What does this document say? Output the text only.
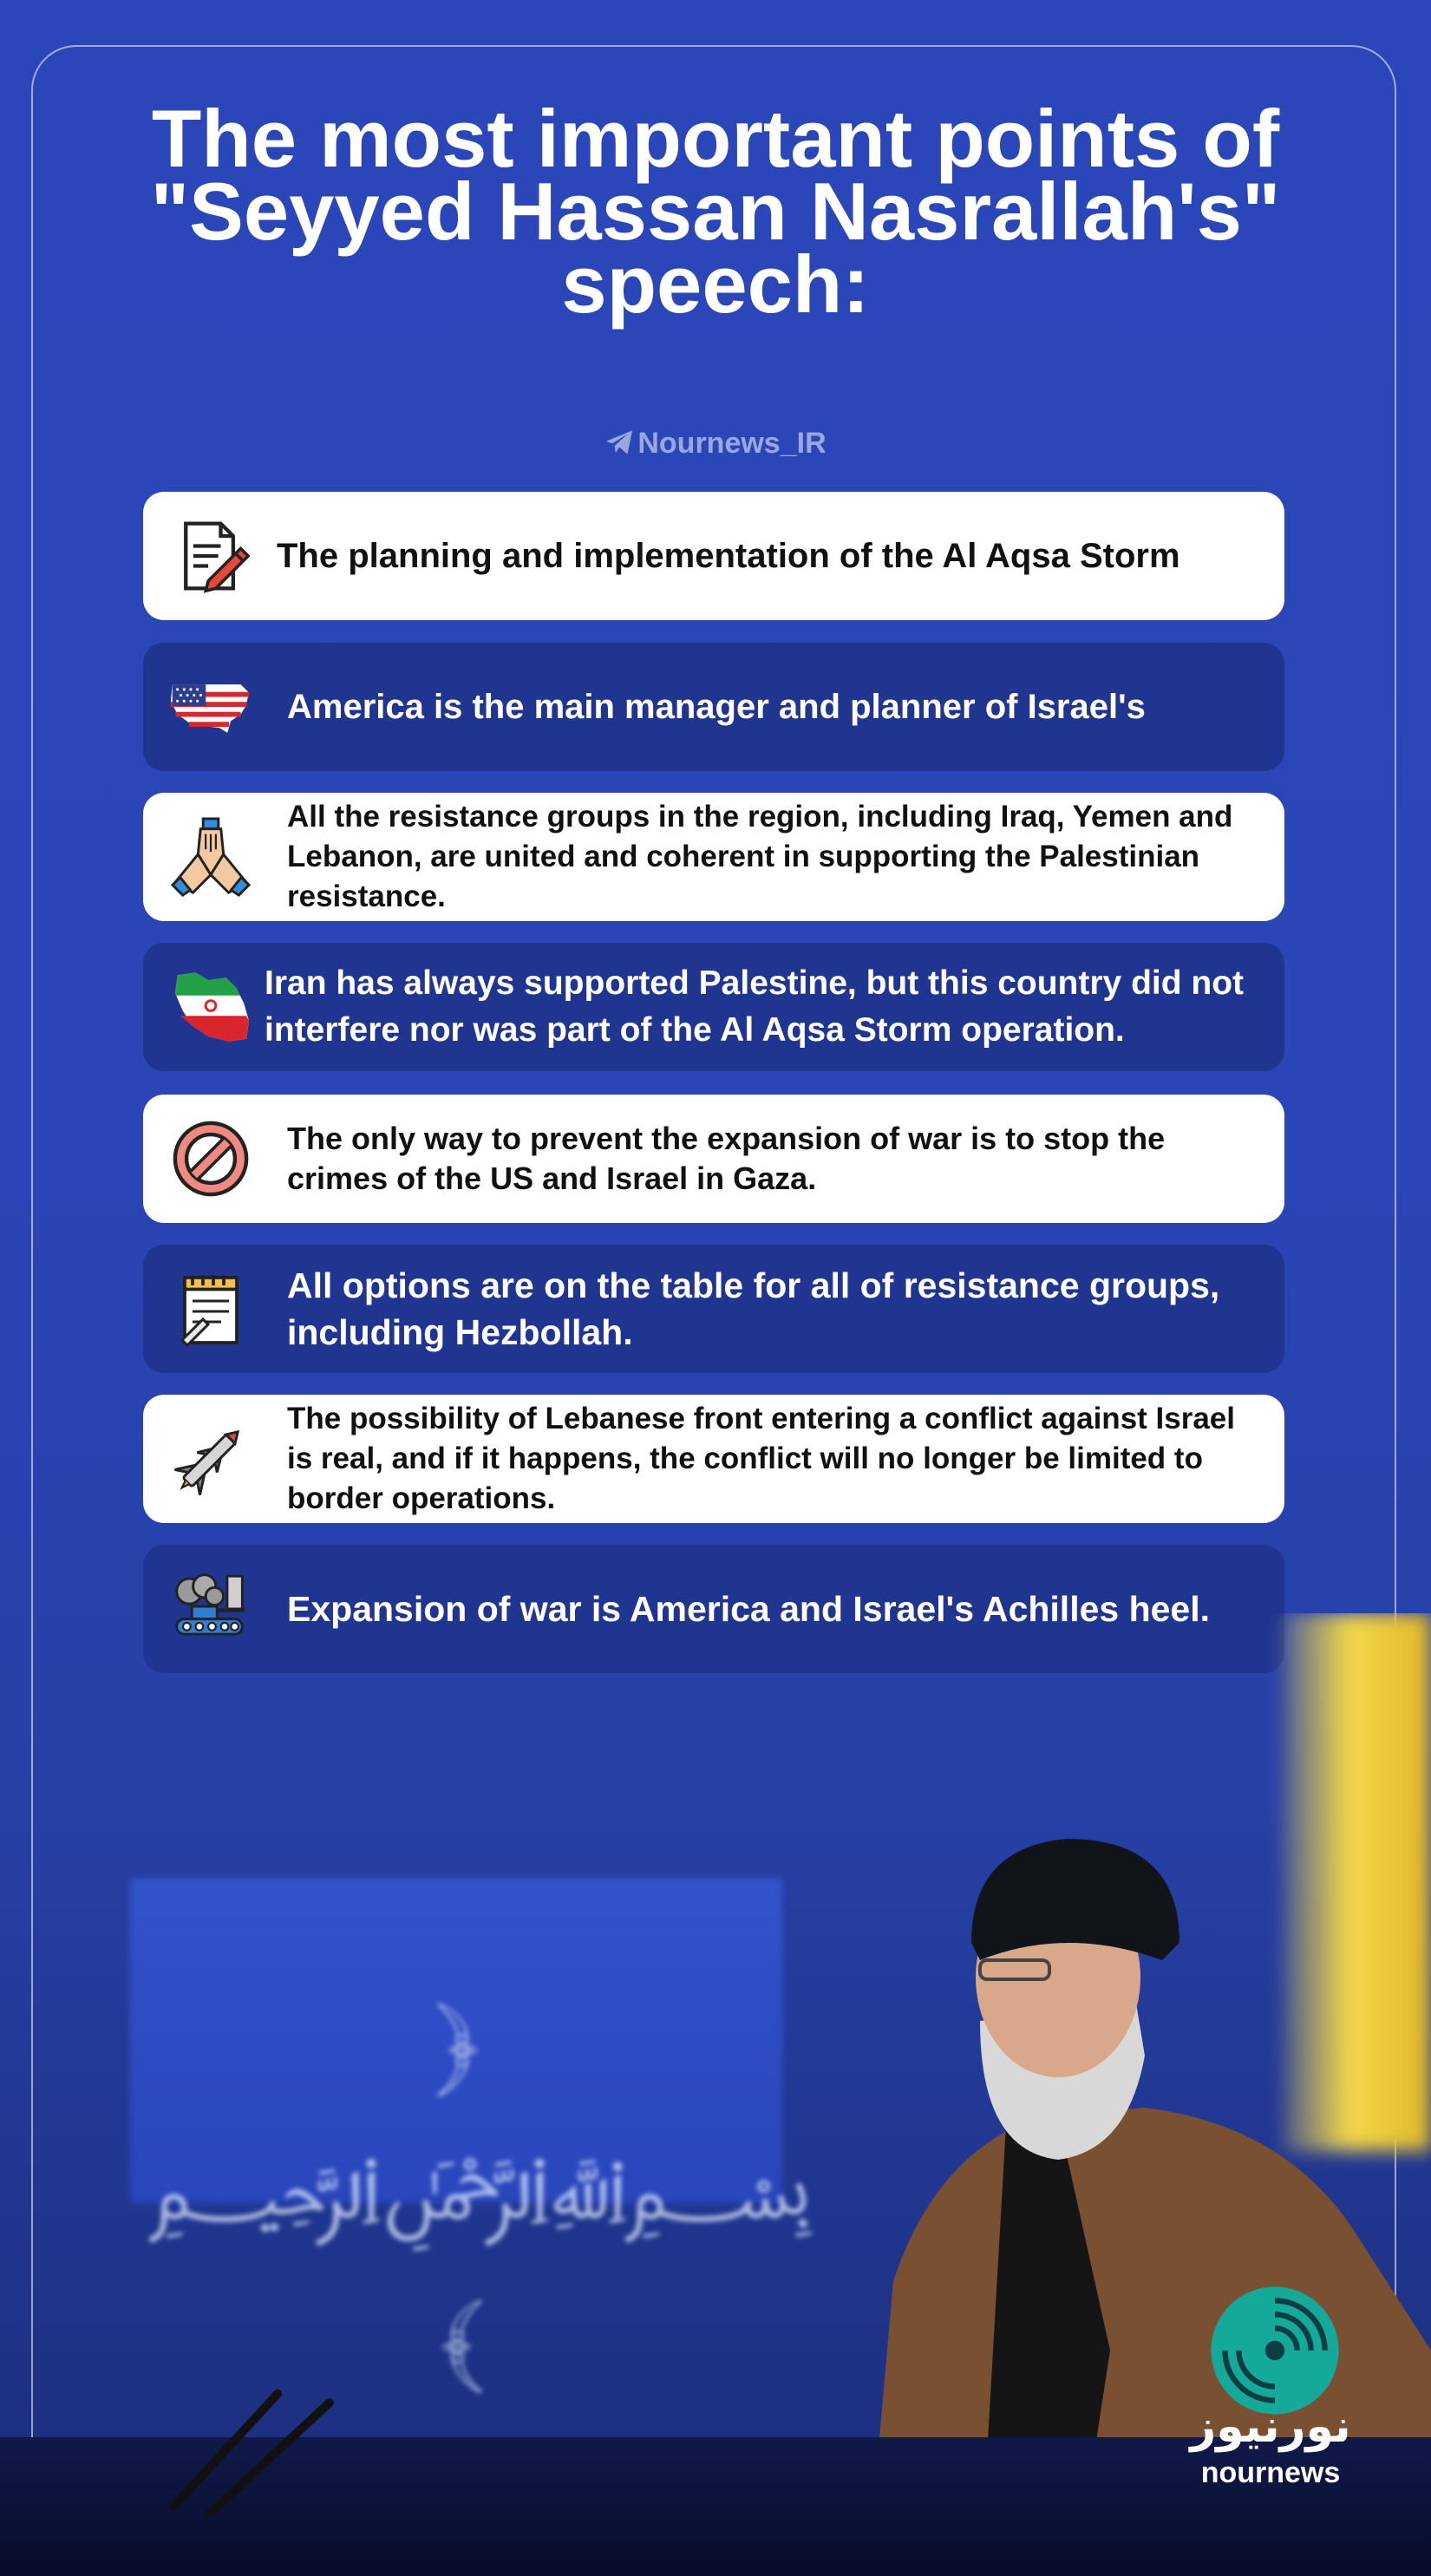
The most important points of "Seyyed Hassan Nasrallah's" speech:
Nournews_IR
The planning and implementation of the Al Aqsa Storm
America is the main manager and planner of Israel's
All the resistance groups in the region, including Iraq, Yemen and Lebanon, are united and coherent in supporting the Palestinian resistance.
Iran has always supported Palestine, but this country did not interfere nor was part of the Al Aqsa Storm operation.
The only way to prevent the expansion of war is to stop the crimes of the US and Israel in Gaza.
All options are on the table for all of resistance groups, including Hezbollah.
The possibility of Lebanese front entering a conflict against Israel is real, and if it happens, the conflict will no longer be limited to border operations.
Expansion of war is America and Israel's Achilles heel.
﴿ ﷽ ﴾
نورنیوز
nournews
